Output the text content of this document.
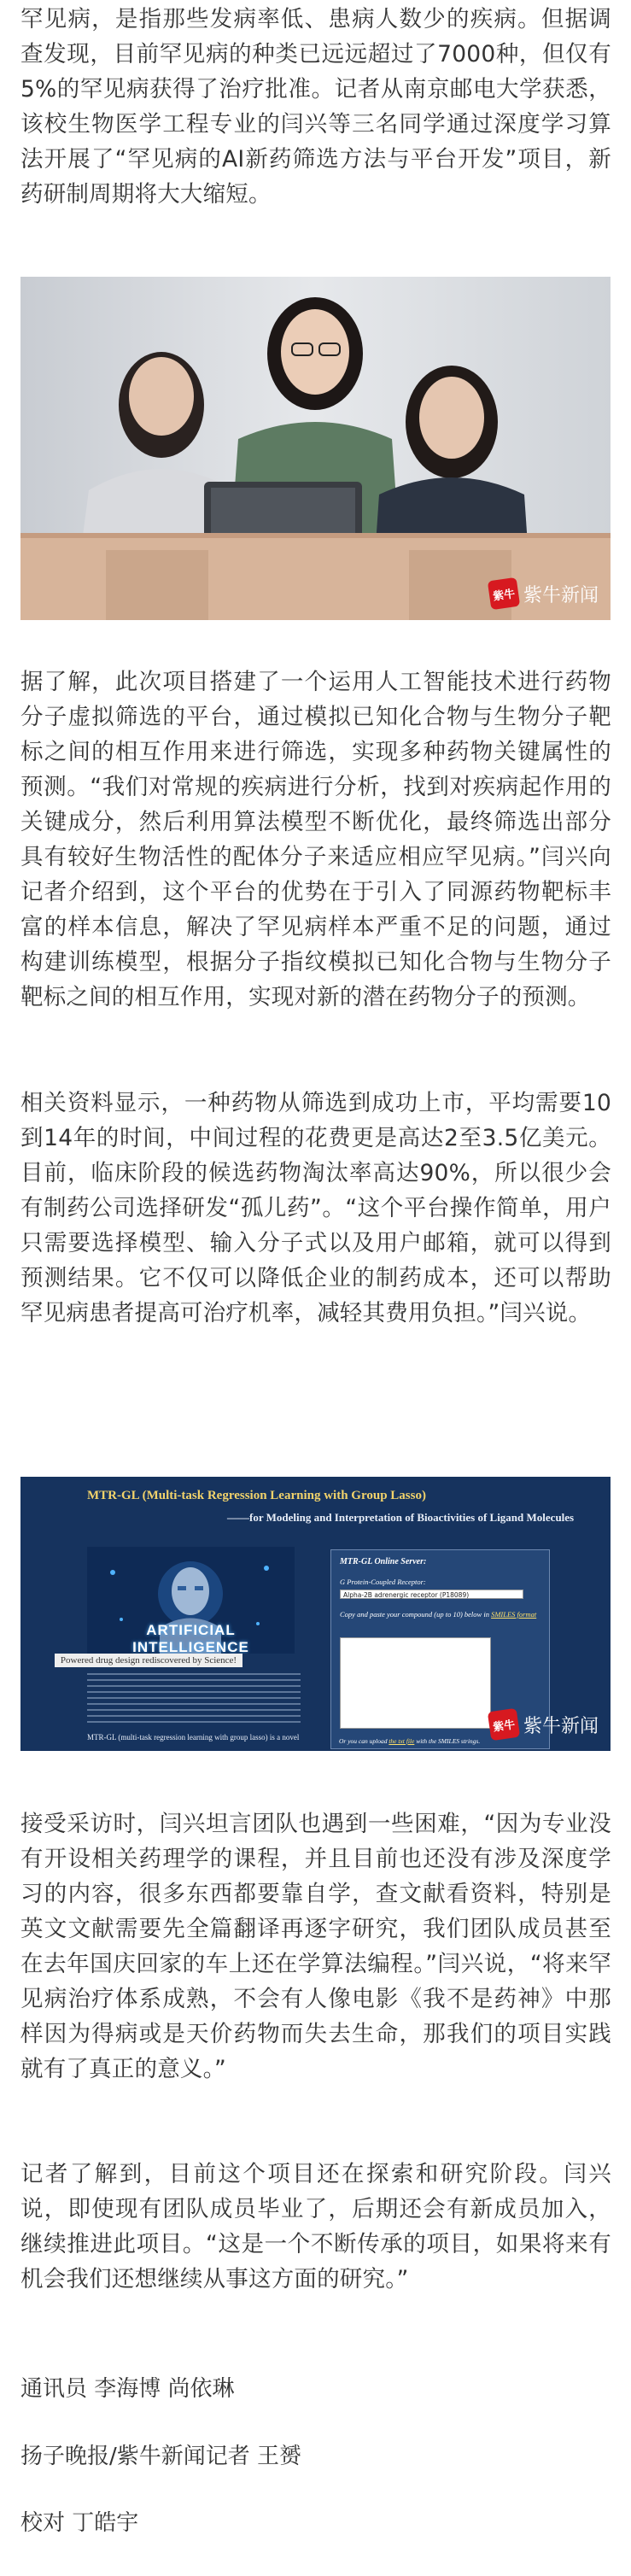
罕见病，是指那些发病率低、患病人数少的疾病。但据调查发现，目前罕见病的种类已远远超过了7000种，但仅有5%的罕见病获得了治疗批准。记者从南京邮电大学获悉，该校生物医学工程专业的闫兴等三名同学通过深度学习算法开展了“罕见病的AI新药筛选方法与平台开发”项目，新药研制周期将大大缩短。

紫牛 紫牛新闻

据了解，此次项目搭建了一个运用人工智能技术进行药物分子虚拟筛选的平台，通过模拟已知化合物与生物分子靶标之间的相互作用来进行筛选，实现多种药物关键属性的预测。“我们对常规的疾病进行分析，找到对疾病起作用的关键成分，然后利用算法模型不断优化，最终筛选出部分具有较好生物活性的配体分子来适应相应罕见病。”闫兴向记者介绍到，这个平台的优势在于引入了同源药物靶标丰富的样本信息，解决了罕见病样本严重不足的问题，通过构建训练模型，根据分子指纹模拟已知化合物与生物分子靶标之间的相互作用，实现对新的潜在药物分子的预测。

相关资料显示，一种药物从筛选到成功上市，平均需要10到14年的时间，中间过程的花费更是高达2至3.5亿美元。目前，临床阶段的候选药物淘汰率高达90%，所以很少会有制药公司选择研发“孤儿药”。“这个平台操作简单，用户只需要选择模型、输入分子式以及用户邮箱，就可以得到预测结果。它不仅可以降低企业的制药成本，还可以帮助罕见病患者提高可治疗机率，减轻其费用负担。”闫兴说。

MTR-GL (Multi-task Regression Learning with Group Lasso)
——for Modeling and Interpretation of Bioactivities of Ligand Molecules
ARTIFICIAL INTELLIGENCE
Powered drug design rediscovered by Science!
MTR-GL Online Server:
G Protein-Coupled Receptor:
Alpha-2B adrenergic receptor (P18089)
Copy and paste your compound (up to 10) below in SMILES format
Or you can upload the txt file with the SMILES strings.
MTR-GL (multi-task regression learning with group lasso) is a novel
紫牛 紫牛新闻

接受采访时，闫兴坦言团队也遇到一些困难，“因为专业没有开设相关药理学的课程，并且目前也还没有涉及深度学习的内容，很多东西都要靠自学，查文献看资料，特别是英文文献需要先全篇翻译再逐字研究，我们团队成员甚至在去年国庆回家的车上还在学算法编程。”闫兴说，“将来罕见病治疗体系成熟，不会有人像电影《我不是药神》中那样因为得病或是天价药物而失去生命，那我们的项目实践就有了真正的意义。”

记者了解到，目前这个项目还在探索和研究阶段。闫兴说，即使现有团队成员毕业了，后期还会有新成员加入，继续推进此项目。“这是一个不断传承的项目，如果将来有机会我们还想继续从事这方面的研究。”

通讯员 李海博 尚依琳

扬子晚报/紫牛新闻记者 王赟

校对 丁皓宇
